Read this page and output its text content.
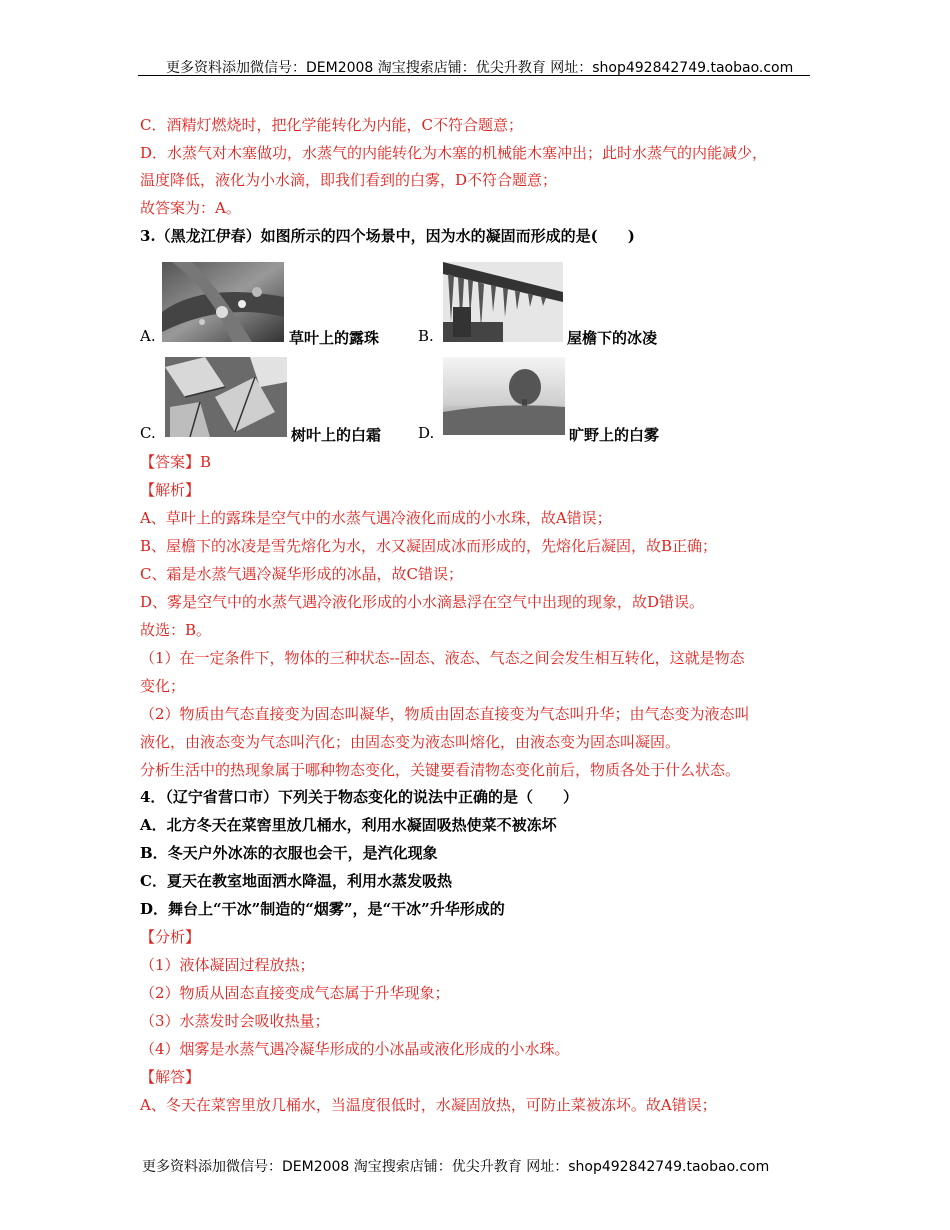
更多资料添加微信号：DEM2008 淘宝搜索店铺：优尖升教育 网址：shop492842749.taobao.com
C．酒精灯燃烧时，把化学能转化为内能，C不符合题意；
D．水蒸气对木塞做功，水蒸气的内能转化为木塞的机械能木塞冲出；此时水蒸气的内能减少，
温度降低，液化为小水滴，即我们看到的白雾，D不符合题意；
故答案为：A。
3.（黑龙江伊春）如图所示的四个场景中，因为水的凝固而形成的是(　　)
A.	草叶上的露珠	B.	屋檐下的冰凌
C.	树叶上的白霜 D.	旷野上的白雾
【答案】B
【解析】
A、草叶上的露珠是空气中的水蒸气遇冷液化而成的小水珠，故A错误；
B、屋檐下的冰凌是雪先熔化为水，水又凝固成冰而形成的，先熔化后凝固，故B正确；
C、霜是水蒸气遇冷凝华形成的冰晶，故C错误；
D、雾是空气中的水蒸气遇冷液化形成的小水滴悬浮在空气中出现的现象，故D错误。
故选：B。
（1）在一定条件下，物体的三种状态--固态、液态、气态之间会发生相互转化，这就是物态
变化；
（2）物质由气态直接变为固态叫凝华，物质由固态直接变为气态叫升华；由气态变为液态叫
液化，由液态变为气态叫汽化；由固态变为液态叫熔化，由液态变为固态叫凝固。
分析生活中的热现象属于哪种物态变化，关键要看清物态变化前后，物质各处于什么状态。
4．（辽宁省营口市）下列关于物态变化的说法中正确的是（　　）
A．北方冬天在菜窖里放几桶水，利用水凝固吸热使菜不被冻坏
B．冬天户外冰冻的衣服也会干，是汽化现象
C．夏天在教室地面洒水降温，利用水蒸发吸热
D．舞台上“干冰”制造的“烟雾”，是“干冰”升华形成的
【分析】
（1）液体凝固过程放热；
（2）物质从固态直接变成气态属于升华现象；
（3）水蒸发时会吸收热量；
（4）烟雾是水蒸气遇冷凝华形成的小冰晶或液化形成的小水珠。
【解答】
A、冬天在菜窖里放几桶水，当温度很低时，水凝固放热，可防止菜被冻坏。故A错误；
更多资料添加微信号：DEM2008 淘宝搜索店铺：优尖升教育 网址：shop492842749.taobao.com
